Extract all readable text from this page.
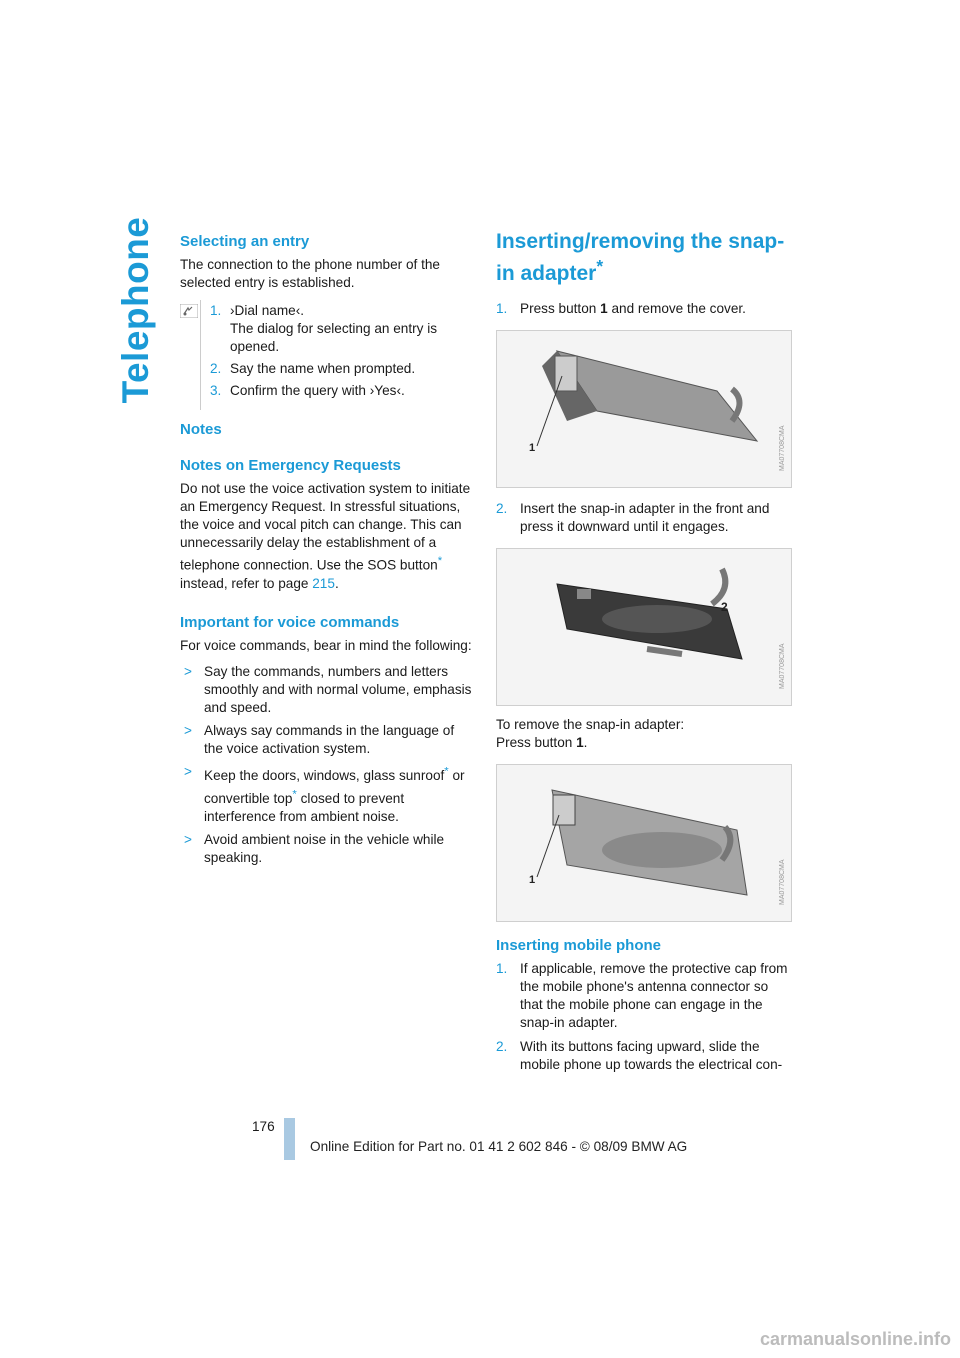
Telephone Selecting an entry

The connection to the phone number of the selected entry is established.

1. ›Dial name‹.
The dialog for selecting an entry is opened.
2. Say the name when prompted.
3. Confirm the query with ›Yes‹.
Notes
Notes on Emergency Requests

Do not use the voice activation system to initiate an Emergency Request. In stressful situations, the voice and vocal pitch can change. This can unnecessarily delay the establishment of a telephone connection. Use the SOS button* instead, refer to page 215.

Important for voice commands

For voice commands, bear in mind the following:

> Say the commands, numbers and letters smoothly and with normal volume, emphasis and speed.
> Always say commands in the language of the voice activation system.
> Keep the doors, windows, glass sunroof* or convertible top* closed to prevent interference from ambient noise.
> Avoid ambient noise in the vehicle while speaking.
Inserting/removing the snap-in adapter*
1. Press button 1 and remove the cover.
1	MA07708CMA
2. Insert the snap-in adapter in the front and press it downward until it engages.
2
MA07708CMA

To remove the snap-in adapter:

Press button 1.

1	MA07708CMA
Inserting mobile phone
1. If applicable, remove the protective cap from the mobile phone's antenna connector so that the mobile phone can engage in the snap-in adapter.
2. With its buttons facing upward, slide the mobile phone up towards the electrical con-
176
Online Edition for Part no. 01 41 2 602 846 - © 08/09 BMW AG
carmanualsonline.info
